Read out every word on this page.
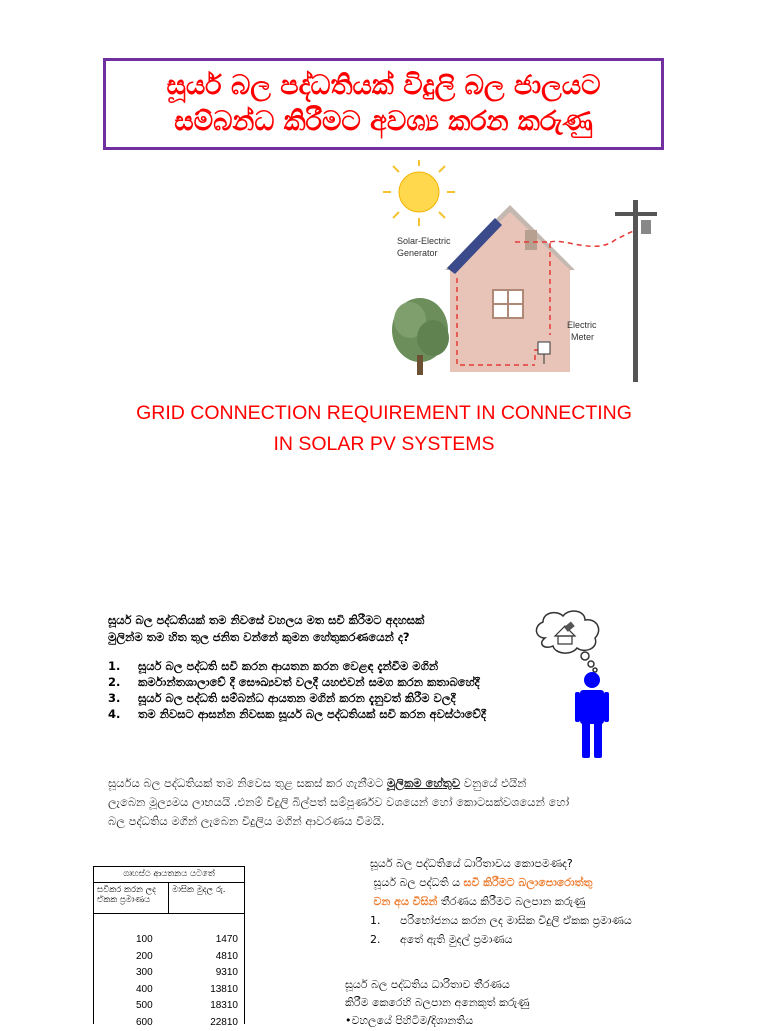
සූර්ය බල පද්ධතියක් විදුලි බල ජාලයට
සම්බන්ධ කිරීමට අවශ්‍ය කරන කරුණු
Solar-Electric
Generator
Electric
Meter
GRID CONNECTION REQUIREMENT IN CONNECTING
IN SOLAR PV SYSTEMS
සූර්ය බල පද්ධතියක් තම නිවසේ වහලය මත සවි කිරීමට අදහසක්
මුලින්ම තම හිත තුල ජනිත වන්නේ කුමන හේතුකරණයෙන් ද?
1.	සූර්ය බල පද්ධති සවි කරන ආයතන කරන වෙළඳ දැන්වීම මගින්
2.	කර්මාන්තශාලාවේ දී සෞඛ්‍යවත් වලදී යහළුවන් සමග කරන කතාබහේදී
3.	සූර්ය බල පද්ධති සම්බන්ධ ආයතන මගින් කරන දැනුවත් කිරීම වලදී
4.	තම නිවසට ආසන්න නිවසක සූර්ය බල පද්ධතියක් සවි කරන අවස්ථාවේදී
සූර්යය බල පද්ධතියක් තම නිවෙස තුළ සකස් කර ගැනීමට මූලිකම හේතුව වනුයේ එයින්
ලැබෙන මූල්‍යමය ලාභයයි .එනම් විදුලි බිල්පත් සම්පූර්ණව වශයෙන් හෝ කොටසක්වශයෙන් හෝ
බල පද්ධතිය මගින් ලැබෙන විදුලිය මගින් ආවරණය වීමයි.
ගෘහස්ථ ආයතනය යටතේ
සවිකර කරන ලද ඒකක ප්‍රමාණය
මාසික මුදල රු.
100	1470
200	4810
300	9310
400	13810
500	18310
600	22810
සූර්ය බල පද්ධතියේ ධාරිතාවය කොපමණද?
සූර්ය බල පද්ධති ය සවි කිරීමට බලාපොරොත්තු
වන අය විසින් තීරණය කිරීමට බලපාන කරුණු
1.	පරිභෝජනය කරන ලද මාසික විදුලි ඒකක ප්‍රමාණය
2.	අතේ ඇති මුදල් ප්‍රමාණය
සූර්ය බල පද්ධතිය ධාරිතාව තීරණය
කිරීම කෙරෙහි බලපාන අනෙකුත් කරුණු
•වහලයේ පිහිටීම/දිශානතිය
